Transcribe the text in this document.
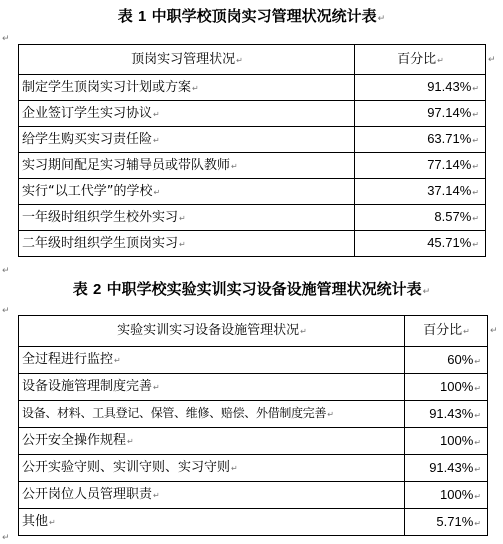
表 1 中职学校顶岗实习管理状况统计表↵
↵
顶岗实习管理状况↵	百分比↵
制定学生顶岗实习计划或方案↵	91.43%↵
企业签订学生实习协议↵	97.14%↵
给学生购买实习责任险↵	63.71%↵
实习期间配足实习辅导员或带队教师↵	77.14%↵
实行“以工代学”的学校↵	37.14%↵
一年级时组织学生校外实习↵	8.57%↵
二年级时组织学生顶岗实习↵	45.71%↵
↵
↵
表 2 中职学校实验实训实习设备设施管理状况统计表↵
↵
实验实训实习设备设施管理状况↵	百分比↵
全过程进行监控↵	60%↵
设备设施管理制度完善↵	100%↵
设备、材料、工具登记、保管、维修、赔偿、外借制度完善↵	91.43%↵
公开安全操作规程↵	100%↵
公开实验守则、实训守则、实习守则↵	91.43%↵
公开岗位人员管理职责↵	100%↵
其他↵	5.71%↵
↵
↵
